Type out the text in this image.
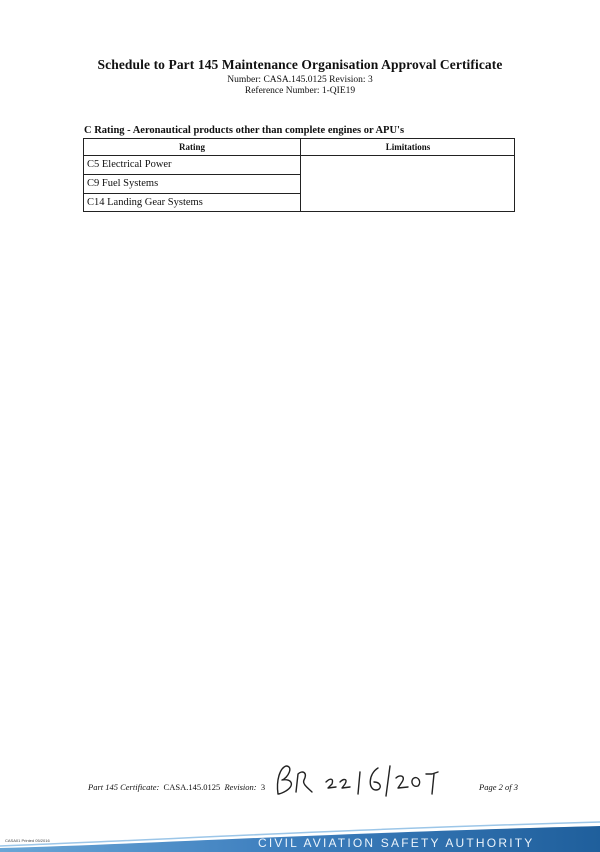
Schedule to Part 145 Maintenance Organisation Approval Certificate
Number: CASA.145.0125 Revision: 3
Reference Number: 1-QIE19
C Rating - Aeronautical products other than complete engines or APU's
Rating	Limitations
C5 Electrical Power
C9 Fuel Systems
C14 Landing Gear Systems
Part 145 Certificate: CASA.145.0125 Revision: 3	Page 2 of 3
CASA01 Printed 05/2016	CIVIL AVIATION SAFETY AUTHORITY
